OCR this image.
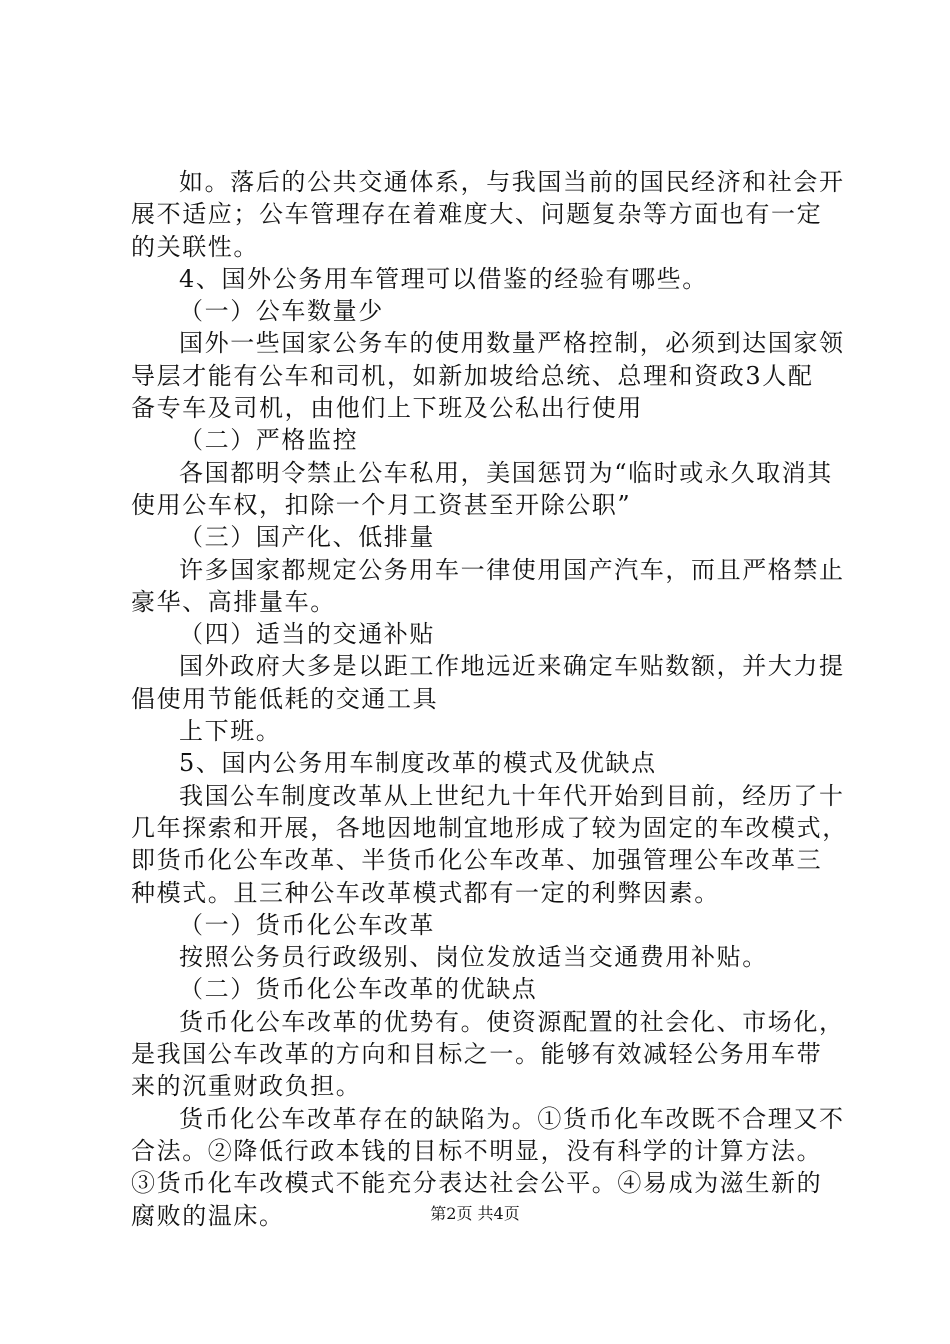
如。落后的公共交通体系，与我国当前的国民经济和社会开
展不适应；公车管理存在着难度大、问题复杂等方面也有一定
的关联性。
4、国外公务用车管理可以借鉴的经验有哪些。
（一）公车数量少
国外一些国家公务车的使用数量严格控制，必须到达国家领
导层才能有公车和司机，如新加坡给总统、总理和资政3人配
备专车及司机，由他们上下班及公私出行使用
（二）严格监控
各国都明令禁止公车私用，美国惩罚为“临时或永久取消其
使用公车权，扣除一个月工资甚至开除公职”
（三）国产化、低排量
许多国家都规定公务用车一律使用国产汽车，而且严格禁止
豪华、高排量车。
（四）适当的交通补贴
国外政府大多是以距工作地远近来确定车贴数额，并大力提
倡使用节能低耗的交通工具
上下班。
5、国内公务用车制度改革的模式及优缺点
我国公车制度改革从上世纪九十年代开始到目前，经历了十
几年探索和开展，各地因地制宜地形成了较为固定的车改模式，
即货币化公车改革、半货币化公车改革、加强管理公车改革三
种模式。且三种公车改革模式都有一定的利弊因素。
（一）货币化公车改革
按照公务员行政级别、岗位发放适当交通费用补贴。
（二）货币化公车改革的优缺点
货币化公车改革的优势有。使资源配置的社会化、市场化，
是我国公车改革的方向和目标之一。能够有效减轻公务用车带
来的沉重财政负担。
货币化公车改革存在的缺陷为。①货币化车改既不合理又不
合法。②降低行政本钱的目标不明显，没有科学的计算方法。
③货币化车改模式不能充分表达社会公平。④易成为滋生新的
腐败的温床。	第2页 共4页
